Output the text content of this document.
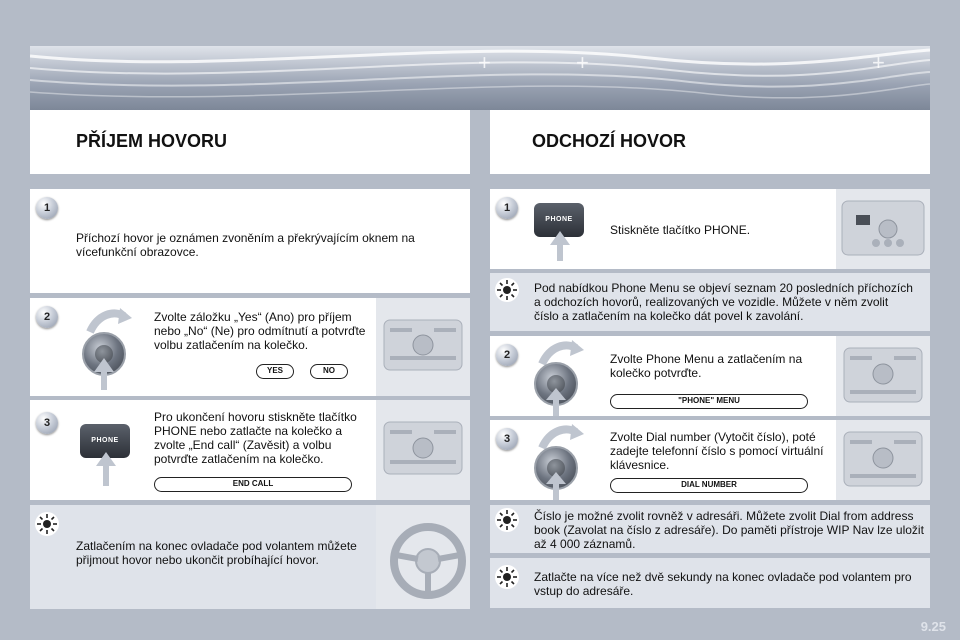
+	+	+
PŘÍJEM HOVORU
1
Příchozí hovor je oznámen zvoněním a překrývajícím oknem na vícefunkční obrazovce.
2	Zvolte záložku „Yes“ (Ano) pro příjem nebo „No“ (Ne) pro odmítnutí a potvrďte volbu zatlačením na kolečko.
YES	NO
3
PHONE
Pro ukončení hovoru stiskněte tlačítko PHONE nebo zatlačte na kolečko a zvolte „End call“ (Zavěsit) a volbu potvrďte zatlačením na kolečko.
END CALL
Zatlačením na konec ovladače pod volantem můžete přijmout hovor nebo ukončit probíhající hovor.
ODCHOZÍ HOVOR
1
PHONE
Stiskněte tlačítko PHONE.
Pod nabídkou Phone Menu se objeví seznam 20 posledních příchozích a odchozích hovorů, realizovaných ve vozidle. Můžete v něm zvolit číslo a zatlačením na kolečko dát povel k zavolání.
2	Zvolte Phone Menu a zatlačením na kolečko potvrďte.
"PHONE" MENU
3	Zvolte Dial number (Vytočit číslo), poté zadejte telefonní číslo s pomocí virtuální klávesnice.
DIAL NUMBER
Číslo je možné zvolit rovněž v adresáři. Můžete zvolit Dial from address book (Zavolat na číslo z adresáře). Do paměti přístroje WIP Nav lze uložit až 4 000 záznamů.
Zatlačte na více než dvě sekundy na konec ovladače pod volantem pro vstup do adresáře.
9.25
